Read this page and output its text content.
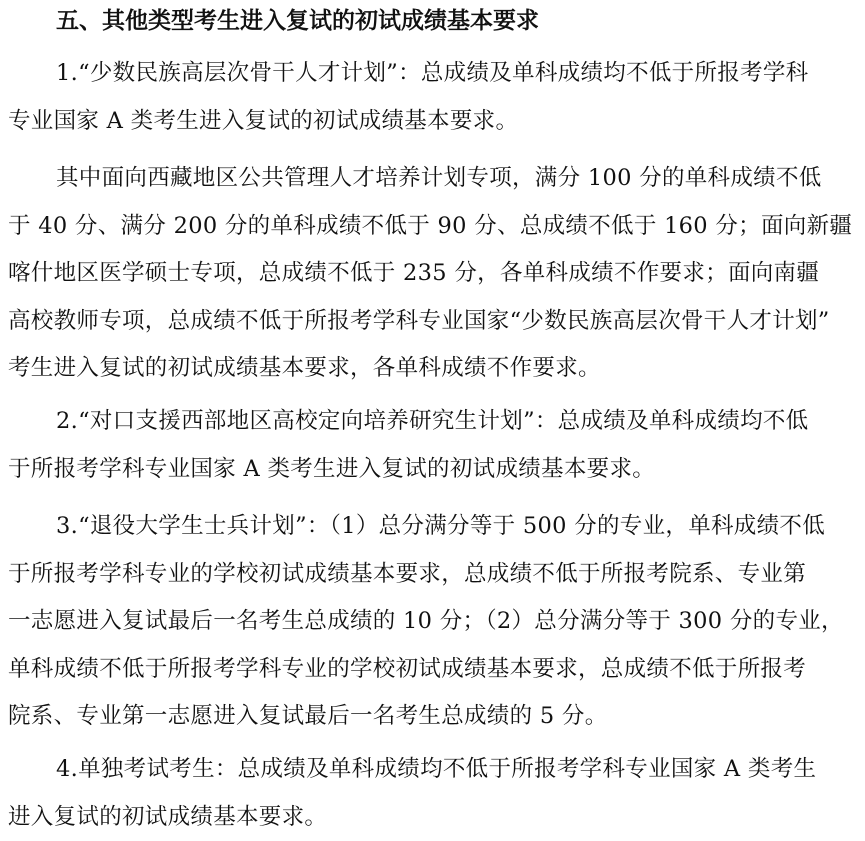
五、其他类型考生进入复试的初试成绩基本要求
1.“少数民族高层次骨干人才计划”：总成绩及单科成绩均不低于所报考学科
专业国家 A 类考生进入复试的初试成绩基本要求。
其中面向西藏地区公共管理人才培养计划专项，满分 100 分的单科成绩不低
于 40 分、满分 200 分的单科成绩不低于 90 分、总成绩不低于 160 分；面向新疆
喀什地区医学硕士专项，总成绩不低于 235 分，各单科成绩不作要求；面向南疆
高校教师专项，总成绩不低于所报考学科专业国家“少数民族高层次骨干人才计划”
考生进入复试的初试成绩基本要求，各单科成绩不作要求。
2.“对口支援西部地区高校定向培养研究生计划”：总成绩及单科成绩均不低
于所报考学科专业国家 A 类考生进入复试的初试成绩基本要求。
3.“退役大学生士兵计划”：（1）总分满分等于 500 分的专业，单科成绩不低
于所报考学科专业的学校初试成绩基本要求，总成绩不低于所报考院系、专业第
一志愿进入复试最后一名考生总成绩的 10 分；（2）总分满分等于 300 分的专业，
单科成绩不低于所报考学科专业的学校初试成绩基本要求，总成绩不低于所报考
院系、专业第一志愿进入复试最后一名考生总成绩的 5 分。
4.单独考试考生：总成绩及单科成绩均不低于所报考学科专业国家 A 类考生
进入复试的初试成绩基本要求。
